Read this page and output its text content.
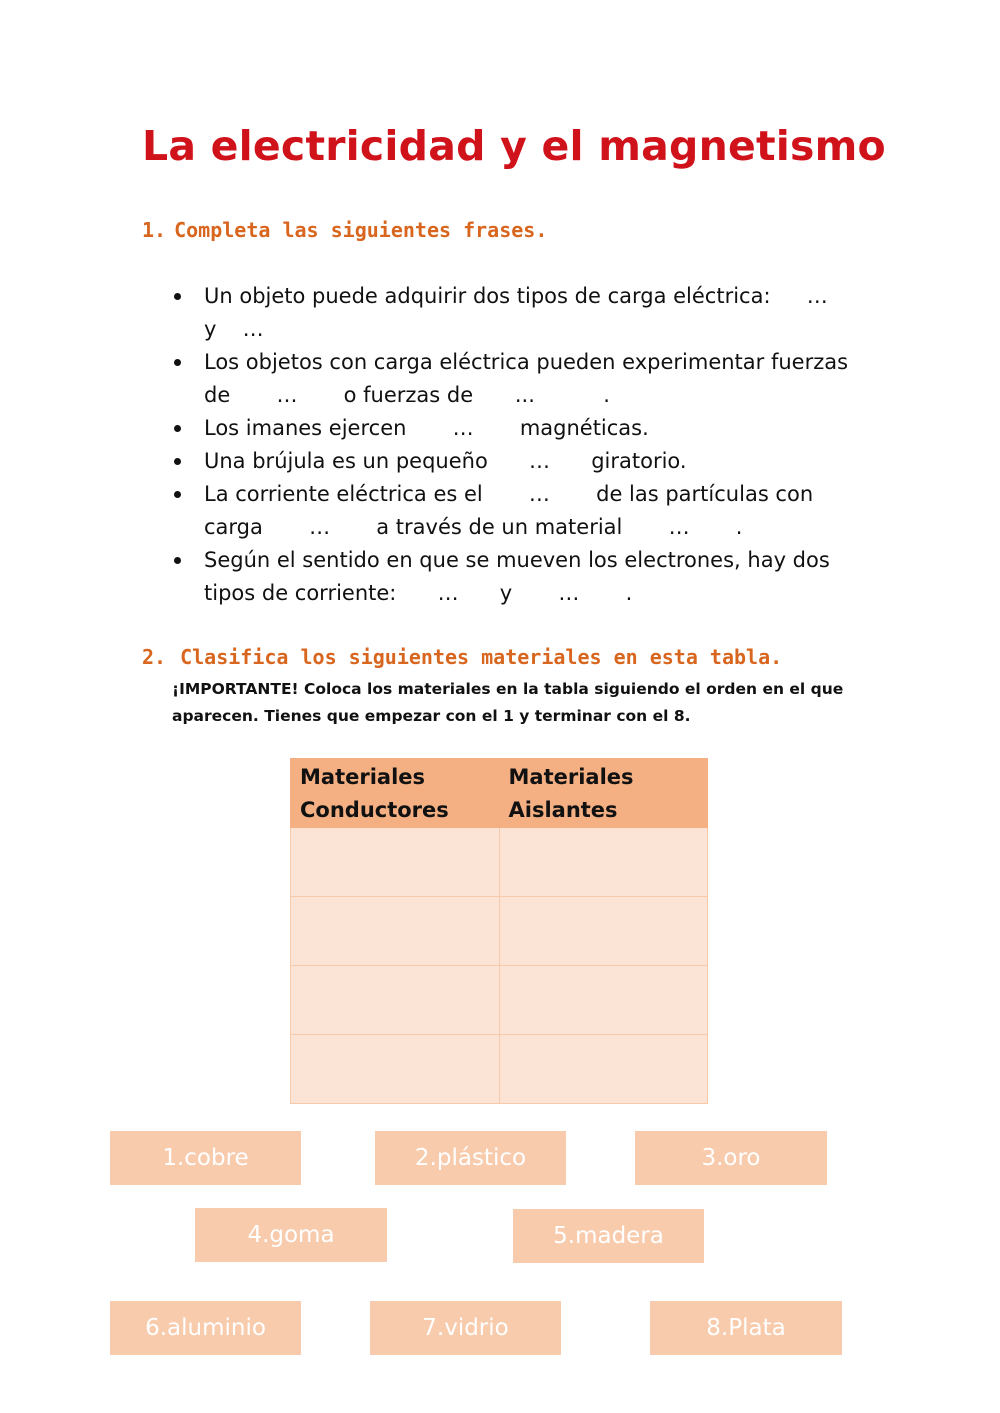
La electricidad y el magnetismo
1. Completa las siguientes frases.
Un objeto puede adquirir dos tipos de carga eléctrica: … y …
Los objetos con carga eléctrica pueden experimentar fuerzas de … o fuerzas de ...	.
Los imanes ejercen … magnéticas.
Una brújula es un pequeño … giratorio.
La corriente eléctrica es el … de las partículas con carga … a través de un material … .
Según el sentido en que se mueven los electrones, hay dos tipos de corriente: … y … .
2. Clasifica los siguientes materiales en esta tabla.
¡IMPORTANTE! Coloca los materiales en la tabla siguiendo el orden en el que aparecen. Tienes que empezar con el 1 y terminar con el 8.
Materiales Conductores	Materiales Aislantes

1.cobre	2.plástico	3.oro
4.goma	5.madera
6.aluminio	7.vidrio	8.Plata
